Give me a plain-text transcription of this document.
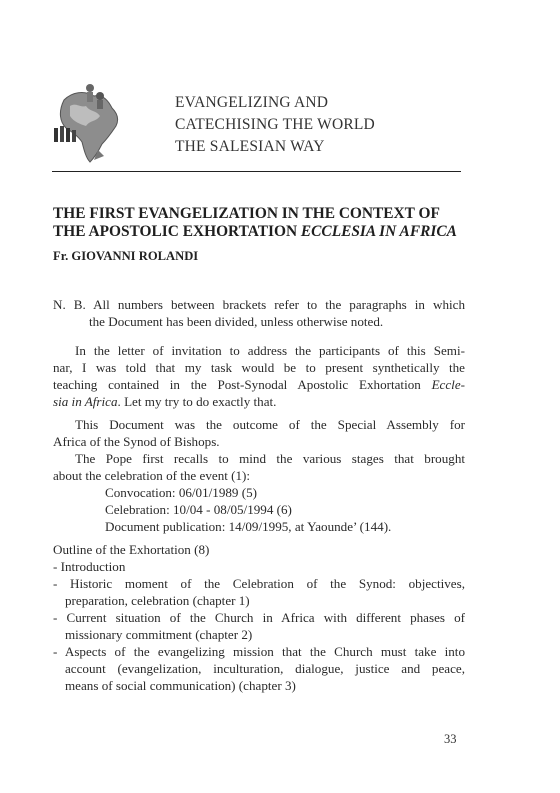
EVANGELIZING AND
CATECHISING THE WORLD
THE SALESIAN WAY
THE FIRST EVANGELIZATION IN THE CONTEXT OF
THE APOSTOLIC EXHORTATION ECCLESIA IN AFRICA
Fr. GIOVANNI ROLANDI
N. B. All numbers between brackets refer to the paragraphs in which
the Document has been divided, unless otherwise noted.
In the letter of invitation to address the participants of this Semi-
nar, I was told that my task would be to present synthetically the
teaching contained in the Post-Synodal Apostolic Exhortation Eccle-
sia in Africa. Let my try to do exactly that.
This Document was the outcome of the Special Assembly for
Africa of the Synod of Bishops.
The Pope first recalls to mind the various stages that brought
about the celebration of the event (1):
Convocation: 06/01/1989 (5)
Celebration: 10/04 - 08/05/1994 (6)
Document publication: 14/09/1995, at Yaounde’ (144).
Outline of the Exhortation (8)
- Introduction
- Historic moment of the Celebration of the Synod: objectives,
preparation, celebration (chapter 1)
- Current situation of the Church in Africa with different phases of
missionary commitment (chapter 2)
- Aspects of the evangelizing mission that the Church must take into
account (evangelization, inculturation, dialogue, justice and peace,
means of social communication) (chapter 3)
33
